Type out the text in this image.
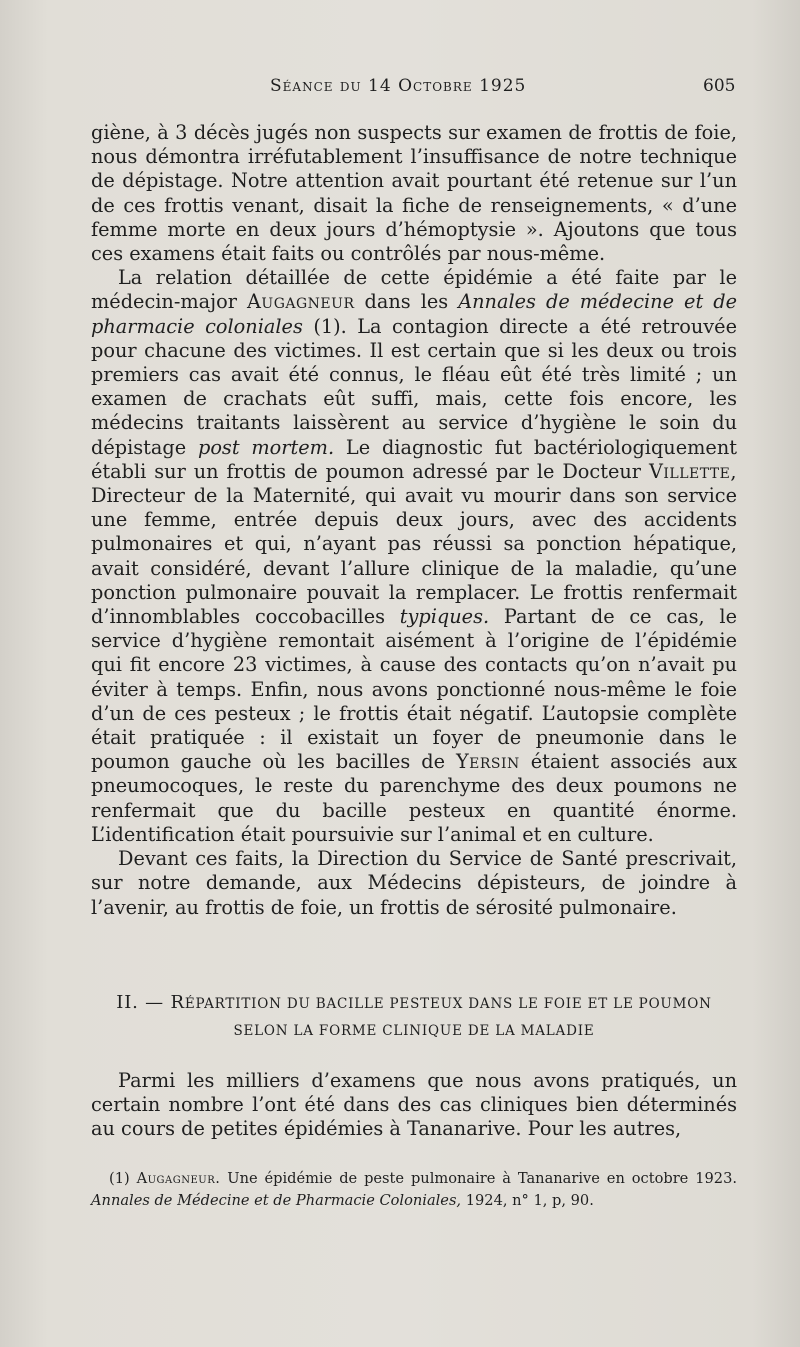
Séance du 14 Octobre 1925	605

giène, à 3 décès jugés non suspects sur examen de frottis de foie, nous démontra irréfutablement l’insuffisance de notre technique de dépistage. Notre attention avait pourtant été retenue sur l’un de ces frottis venant, disait la fiche de renseignements, « d’une femme morte en deux jours d’hémoptysie ». Ajoutons que tous ces examens était faits ou contrôlés par nous-même.

La relation détaillée de cette épidémie a été faite par le médecin-major Augagneur dans les Annales de médecine et de pharmacie coloniales (1). La contagion directe a été retrouvée pour chacune des victimes. Il est certain que si les deux ou trois premiers cas avait été connus, le fléau eût été très limité ; un examen de crachats eût suffi, mais, cette fois encore, les médecins traitants laissèrent au service d’hygiène le soin du dépistage post mortem. Le diagnostic fut bactériologiquement établi sur un frottis de poumon adressé par le Docteur Villette, Directeur de la Maternité, qui avait vu mourir dans son service une femme, entrée depuis deux jours, avec des accidents pulmonaires et qui, n’ayant pas réussi sa ponction hépatique, avait considéré, devant l’allure clinique de la maladie, qu’une ponction pulmonaire pouvait la remplacer. Le frottis renfermait d’innomblables coccobacilles typiques. Partant de ce cas, le service d’hygiène remontait aisément à l’origine de l’épidémie qui fit encore 23 victimes, à cause des contacts qu’on n’avait pu éviter à temps. Enfin, nous avons ponctionné nous-même le foie d’un de ces pesteux ; le frottis était négatif. L’autopsie complète était pratiquée : il existait un foyer de pneumonie dans le poumon gauche où les bacilles de Yersin étaient associés aux pneumocoques, le reste du parenchyme des deux poumons ne renfermait que du bacille pesteux en quantité énorme. L’identification était poursuivie sur l’animal et en culture.

Devant ces faits, la Direction du Service de Santé prescrivait, sur notre demande, aux Médecins dépisteurs, de joindre à l’avenir, au frottis de foie, un frottis de sérosité pulmonaire.

II. — RÉPARTITION DU BACILLE PESTEUX DANS LE FOIE ET LE POUMON
SELON LA FORME CLINIQUE DE LA MALADIE

Parmi les milliers d’examens que nous avons pratiqués, un certain nombre l’ont été dans des cas cliniques bien déterminés au cours de petites épidémies à Tananarive. Pour les autres,

(1) Augagneur. Une épidémie de peste pulmonaire à Tananarive en octobre 1923. Annales de Médecine et de Pharmacie Coloniales, 1924, n° 1, p, 90.
